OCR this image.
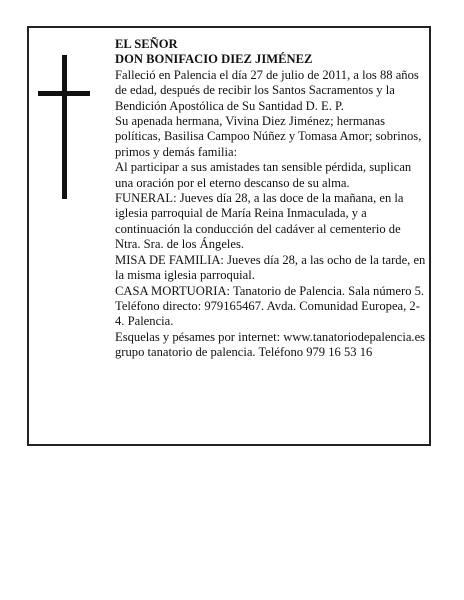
EL SEÑOR

DON BONIFACIO DIEZ JIMÉNEZ

Falleció en Palencia el día 27 de julio de 2011, a los 88 años de edad, después de recibir los Santos Sacramentos y la Bendición Apostólica de Su Santidad D. E. P.

Su apenada hermana, Vivina Diez Jiménez; hermanas políticas, Basilisa Campoo Núñez y Tomasa Amor; sobrinos, primos y demás familia:

Al participar a sus amistades tan sensible pérdida, suplican una oración por el eterno descanso de su alma.

FUNERAL: Jueves día 28, a las doce de la mañana, en la iglesia parroquial de María Reina Inmaculada, y a continuación la conducción del cadáver al cementerio de Ntra. Sra. de los Ángeles.

MISA DE FAMILIA: Jueves día 28, a las ocho de la tarde, en la misma iglesia parroquial.

CASA MORTUORIA: Tanatorio de Palencia. Sala número 5. Teléfono directo: 979165467. Avda. Comunidad Europea, 2-4. Palencia.

Esquelas y pésames por internet: www.tanatoriodepalencia.es

grupo tanatorio de palencia. Teléfono 979 16 53 16
